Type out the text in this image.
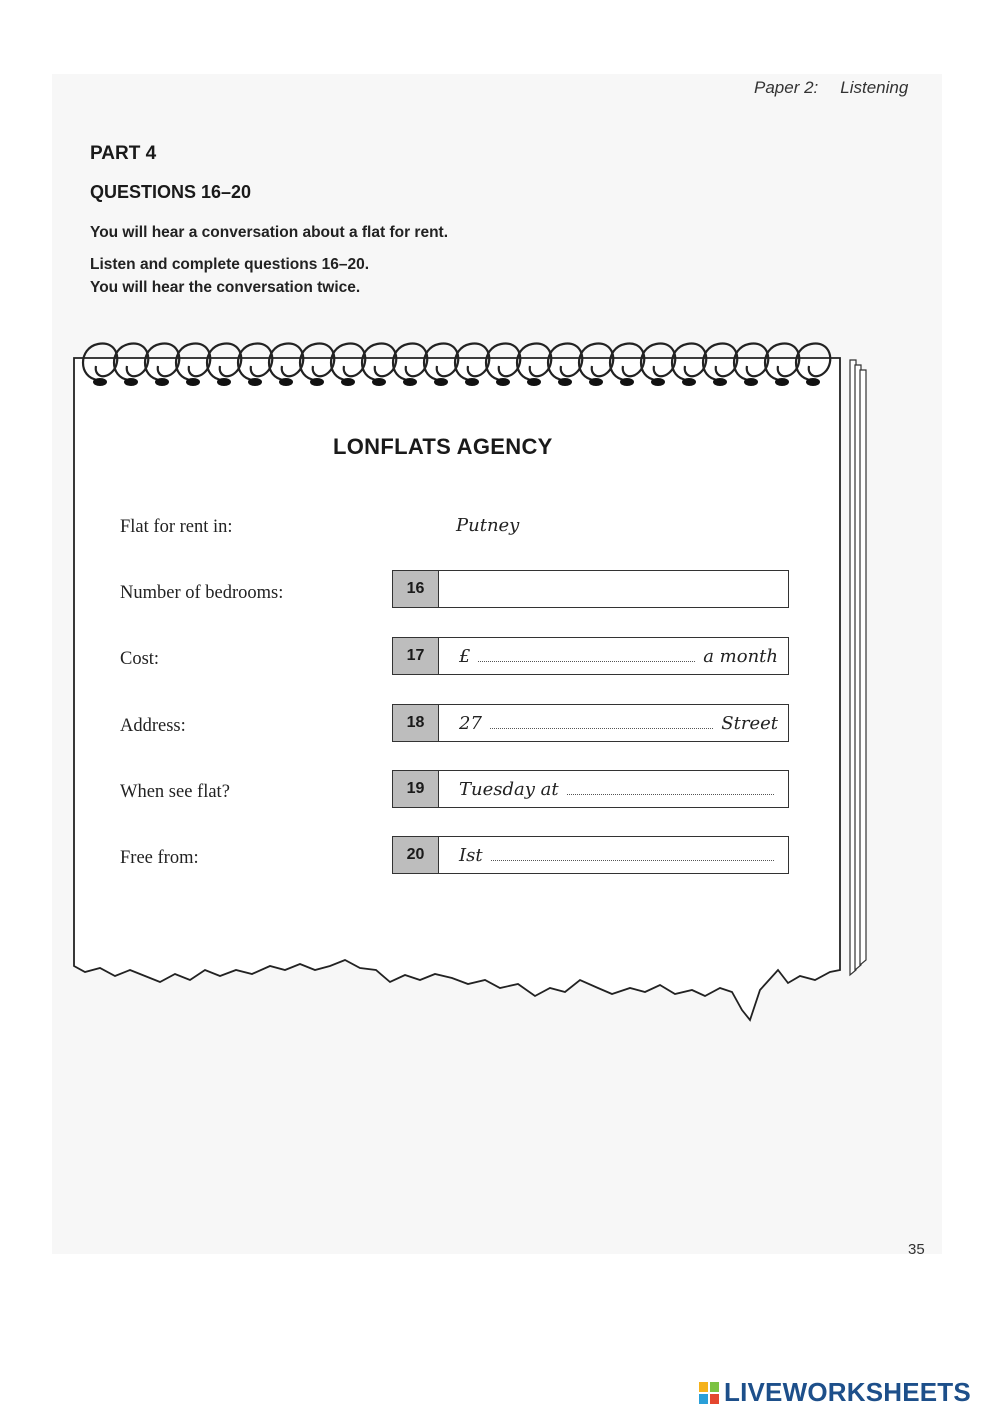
Paper 2: Listening
PART 4
QUESTIONS 16–20
You will hear a conversation about a flat for rent.
Listen and complete questions 16–20.
You will hear the conversation twice.
LONFLATS AGENCY
Flat for rent in:	Putney
Number of bedrooms:	16
Cost:	17	£	a month
Address:	18	27	Street
When see flat?	19	Tuesday at
Free from:	20	Ist
35
LIVEWORKSHEETS
